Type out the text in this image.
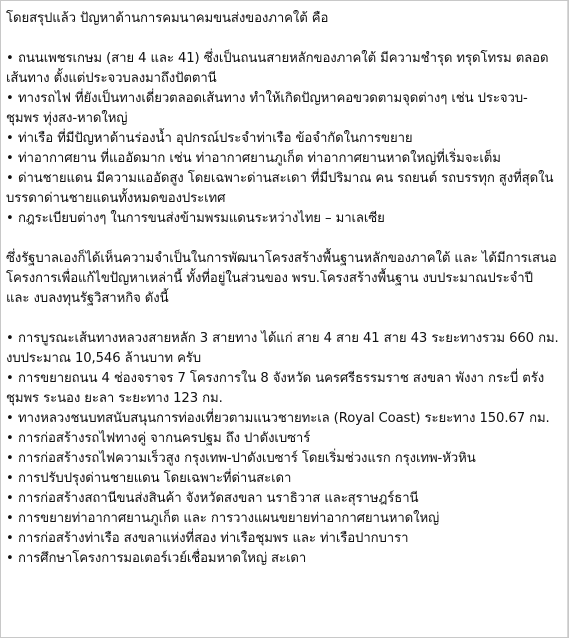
โดยสรุปแล้ว ปัญหาด้านการคมนาคมขนส่งของภาคใต้ คือ

• ถนนเพชรเกษม (สาย 4 และ 41) ซึ่งเป็นถนนสายหลักของภาคใต้ มีความชำรุด ทรุดโทรม ตลอดเส้นทาง ตั้งแต่ประจวบลงมาถึงปัตตานี
• ทางรถไฟ ที่ยังเป็นทางเดี่ยวตลอดเส้นทาง ทำให้เกิดปัญหาคอขวดตามจุดต่างๆ เช่น ประจวบ-ชุมพร ทุ่งสง-หาดใหญ่
• ท่าเรือ ที่มีปัญหาด้านร่องน้ำ อุปกรณ์ประจำท่าเรือ ข้อจำกัดในการขยาย
• ท่าอากาศยาน ที่แออัดมาก เช่น ท่าอากาศยานภูเก็ต ท่าอากาศยานหาดใหญ่ที่เริ่มจะเต็ม
• ด่านชายแดน มีความแออัดสูง โดยเฉพาะด่านสะเดา ที่มีปริมาณ คน รถยนต์ รถบรรทุก สูงที่สุดในบรรดาด่านชายแดนทั้งหมดของประเทศ
• กฎระเบียบต่างๆ ในการขนส่งข้ามพรมแดนระหว่างไทย – มาเลเซีย

ซึ่งรัฐบาลเองก็ได้เห็นความจำเป็นในการพัฒนาโครงสร้างพื้นฐานหลักของภาคใต้ และ ได้มีการเสนอโครงการเพื่อแก้ไขปัญหาเหล่านี้ ทั้งที่อยู่ในส่วนของ พรบ.โครงสร้างพื้นฐาน งบประมาณประจำปี และ งบลงทุนรัฐวิสาหกิจ ดังนี้

• การบูรณะเส้นทางหลวงสายหลัก 3 สายทาง ได้แก่ สาย 4 สาย 41 สาย 43 ระยะทางรวม 660 กม. งบประมาณ 10,546 ล้านบาท ครับ
• การขยายถนน 4 ช่องจราจร 7 โครงการใน 8 จังหวัด นครศรีธรรมราช สงขลา พังงา กระบี่ ตรัง ชุมพร ระนอง ยะลา ระยะทาง 123 กม.
• ทางหลวงชนบทสนับสนุนการท่องเที่ยวตามแนวชายทะเล (Royal Coast) ระยะทาง 150.67 กม.
• การก่อสร้างรถไฟทางคู่ จากนครปฐม ถึง ปาดังเบซาร์
• การก่อสร้างรถไฟความเร็วสูง กรุงเทพ-ปาดังเบซาร์ โดยเริ่มช่วงแรก กรุงเทพ-หัวหิน
• การปรับปรุงด่านชายแดน โดยเฉพาะที่ด่านสะเดา
• การก่อสร้างสถานีขนส่งสินค้า จังหวัดสงขลา นราธิวาส และสุราษฎร์ธานี
• การขยายท่าอากาศยานภูเก็ต และ การวางแผนขยายท่าอากาศยานหาดใหญ่
• การก่อสร้างท่าเรือ สงขลาแห่งที่สอง ท่าเรือชุมพร และ ท่าเรือปากบารา
• การศึกษาโครงการมอเตอร์เวย์เชื่อมหาดใหญ่ สะเดา
